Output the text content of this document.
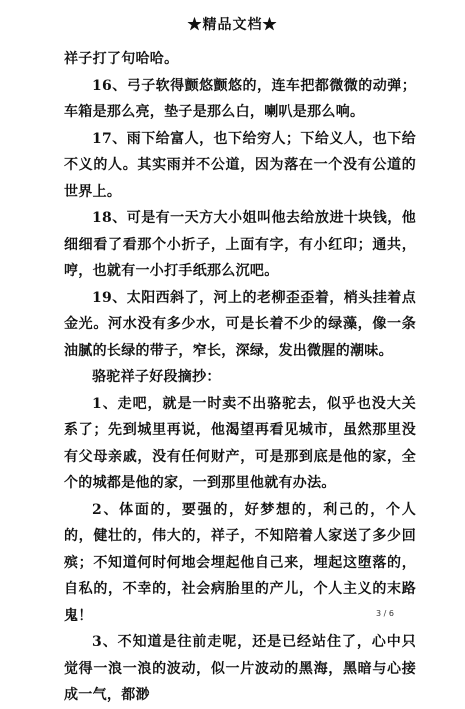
★精品文档★

祥子打了句哈哈。

16、弓子软得颤悠颤悠的，连车把都微微的动弹；车箱是那么亮，垫子是那么白，喇叭是那么响。

17、雨下给富人，也下给穷人；下给义人，也下给不义的人。其实雨并不公道，因为落在一个没有公道的世界上。

18、可是有一天方大小姐叫他去给放进十块钱，他细细看了看那个小折子，上面有字，有小红印；通共，哼，也就有一小打手纸那么沉吧。

19、太阳西斜了，河上的老柳歪歪着，梢头挂着点金光。河水没有多少水，可是长着不少的绿藻，像一条油腻的长绿的带子，窄长，深绿，发出微腥的潮味。

骆驼祥子好段摘抄：

1、走吧，就是一时卖不出骆驼去，似乎也没大关系了；先到城里再说，他渴望再看见城市，虽然那里没有父母亲戚，没有任何财产，可是那到底是他的家，全个的城都是他的家，一到那里他就有办法。

2、体面的，要强的，好梦想的，利己的，个人的，健壮的，伟大的，祥子，不知陪着人家送了多少回殡；不知道何时何地会埋起他自己来，埋起这堕落的，自私的，不幸的，社会病胎里的产儿，个人主义的末路鬼！

3、不知道是往前走呢，还是已经站住了，心中只觉得一浪一浪的波动，似一片波动的黑海，黑暗与心接成一气，都渺

3 / 6
